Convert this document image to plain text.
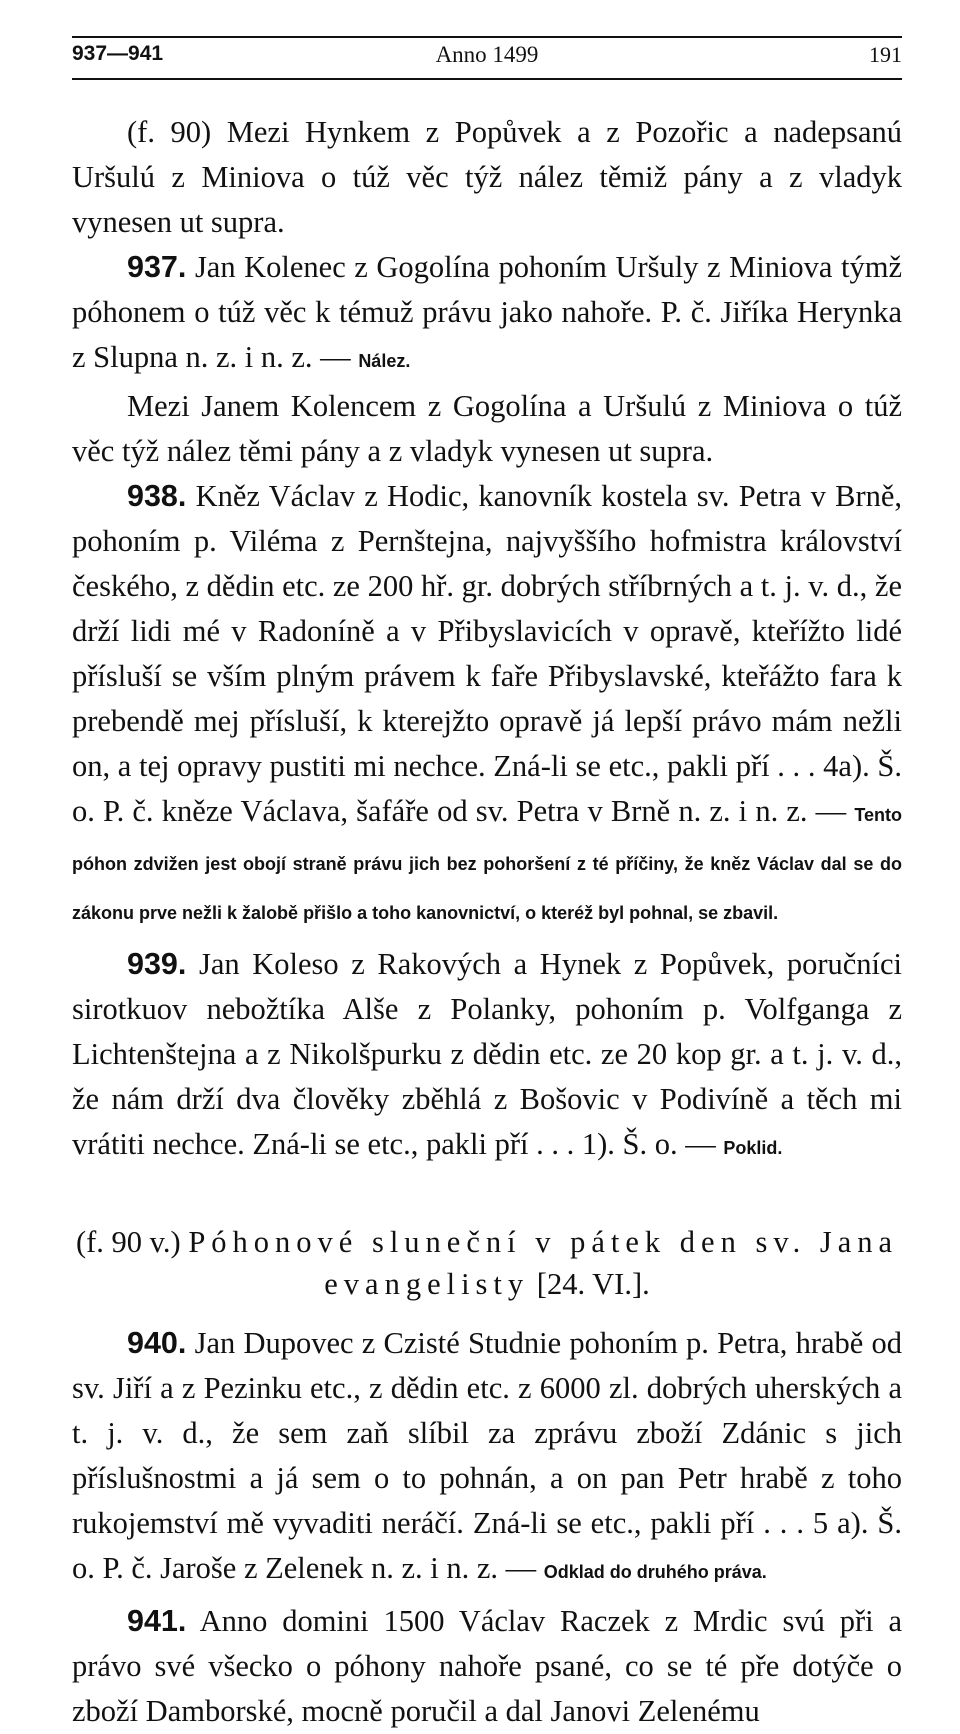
937—941	Anno 1499	191

(f. 90) Mezi Hynkem z Popůvek a z Pozořic a nadepsanú Uršulú z Miniova o túž věc týž nález těmiž pány a z vladyk vynesen ut supra.

937. Jan Kolenec z Gogolína pohoním Uršuly z Miniova týmž póhonem o túž věc k témuž právu jako nahoře. P. č. Jiříka Herynka z Slupna n. z. i n. z. — Nález.

Mezi Janem Kolencem z Gogolína a Uršulú z Miniova o túž věc týž nález těmi pány a z vladyk vynesen ut supra.

938. Kněz Václav z Hodic, kanovník kostela sv. Petra v Brně, pohoním p. Viléma z Pernštejna, najvyššího hofmistra království českého, z dědin etc. ze 200 hř. gr. dobrých stříbrných a t. j. v. d., že drží lidi mé v Radoníně a v Přibyslavicích v opravě, kteřížto lidé přísluší se vším plným právem k faře Přibyslavské, kteřážto fara k prebendě mej přísluší, k kterejžto opravě já lepší právo mám nežli on, a tej opravy pustiti mi nechce. Zná-li se etc., pakli pří . . . 4a). Š. o. P. č. kněze Václava, šafáře od sv. Petra v Brně n. z. i n. z. — Tento póhon zdvižen jest obojí straně právu jich bez pohoršení z té příčiny, že kněz Václav dal se do zákonu prve nežli k žalobě přišlo a toho kanovnictví, o kteréž byl pohnal, se zbavil.

939. Jan Koleso z Rakových a Hynek z Popůvek, poručníci sirotkuov nebožtíka Alše z Polanky, pohoním p. Volfganga z Lichtenštejna a z Nikolšpurku z dědin etc. ze 20 kop gr. a t. j. v. d., že nám drží dva člověky zběhlá z Bošovic v Podivíně a těch mi vrátiti nechce. Zná-li se etc., pakli pří . . . 1). Š. o. — Poklid.

(f. 90 v.) Póhonové sluneční v pátek den sv. Jana evangelisty [24. VI.].

940. Jan Dupovec z Czisté Studnie pohoním p. Petra, hrabě od sv. Jiří a z Pezinku etc., z dědin etc. z 6000 zl. dobrých uherských a t. j. v. d., že sem zaň slíbil za zprávu zboží Zdánic s jich příslušnostmi a já sem o to pohnán, a on pan Petr hrabě z toho rukojemství mě vyvaditi neráčí. Zná-li se etc., pakli pří . . . 5 a). Š. o. P. č. Jaroše z Zelenek n. z. i n. z. — Odklad do druhého práva.

941. Anno domini 1500 Václav Raczek z Mrdic svú při a právo své všecko o póhony nahoře psané, co se té pře dotýče o zboží Damborské, mocně poručil a dal Janovi Zelenému
